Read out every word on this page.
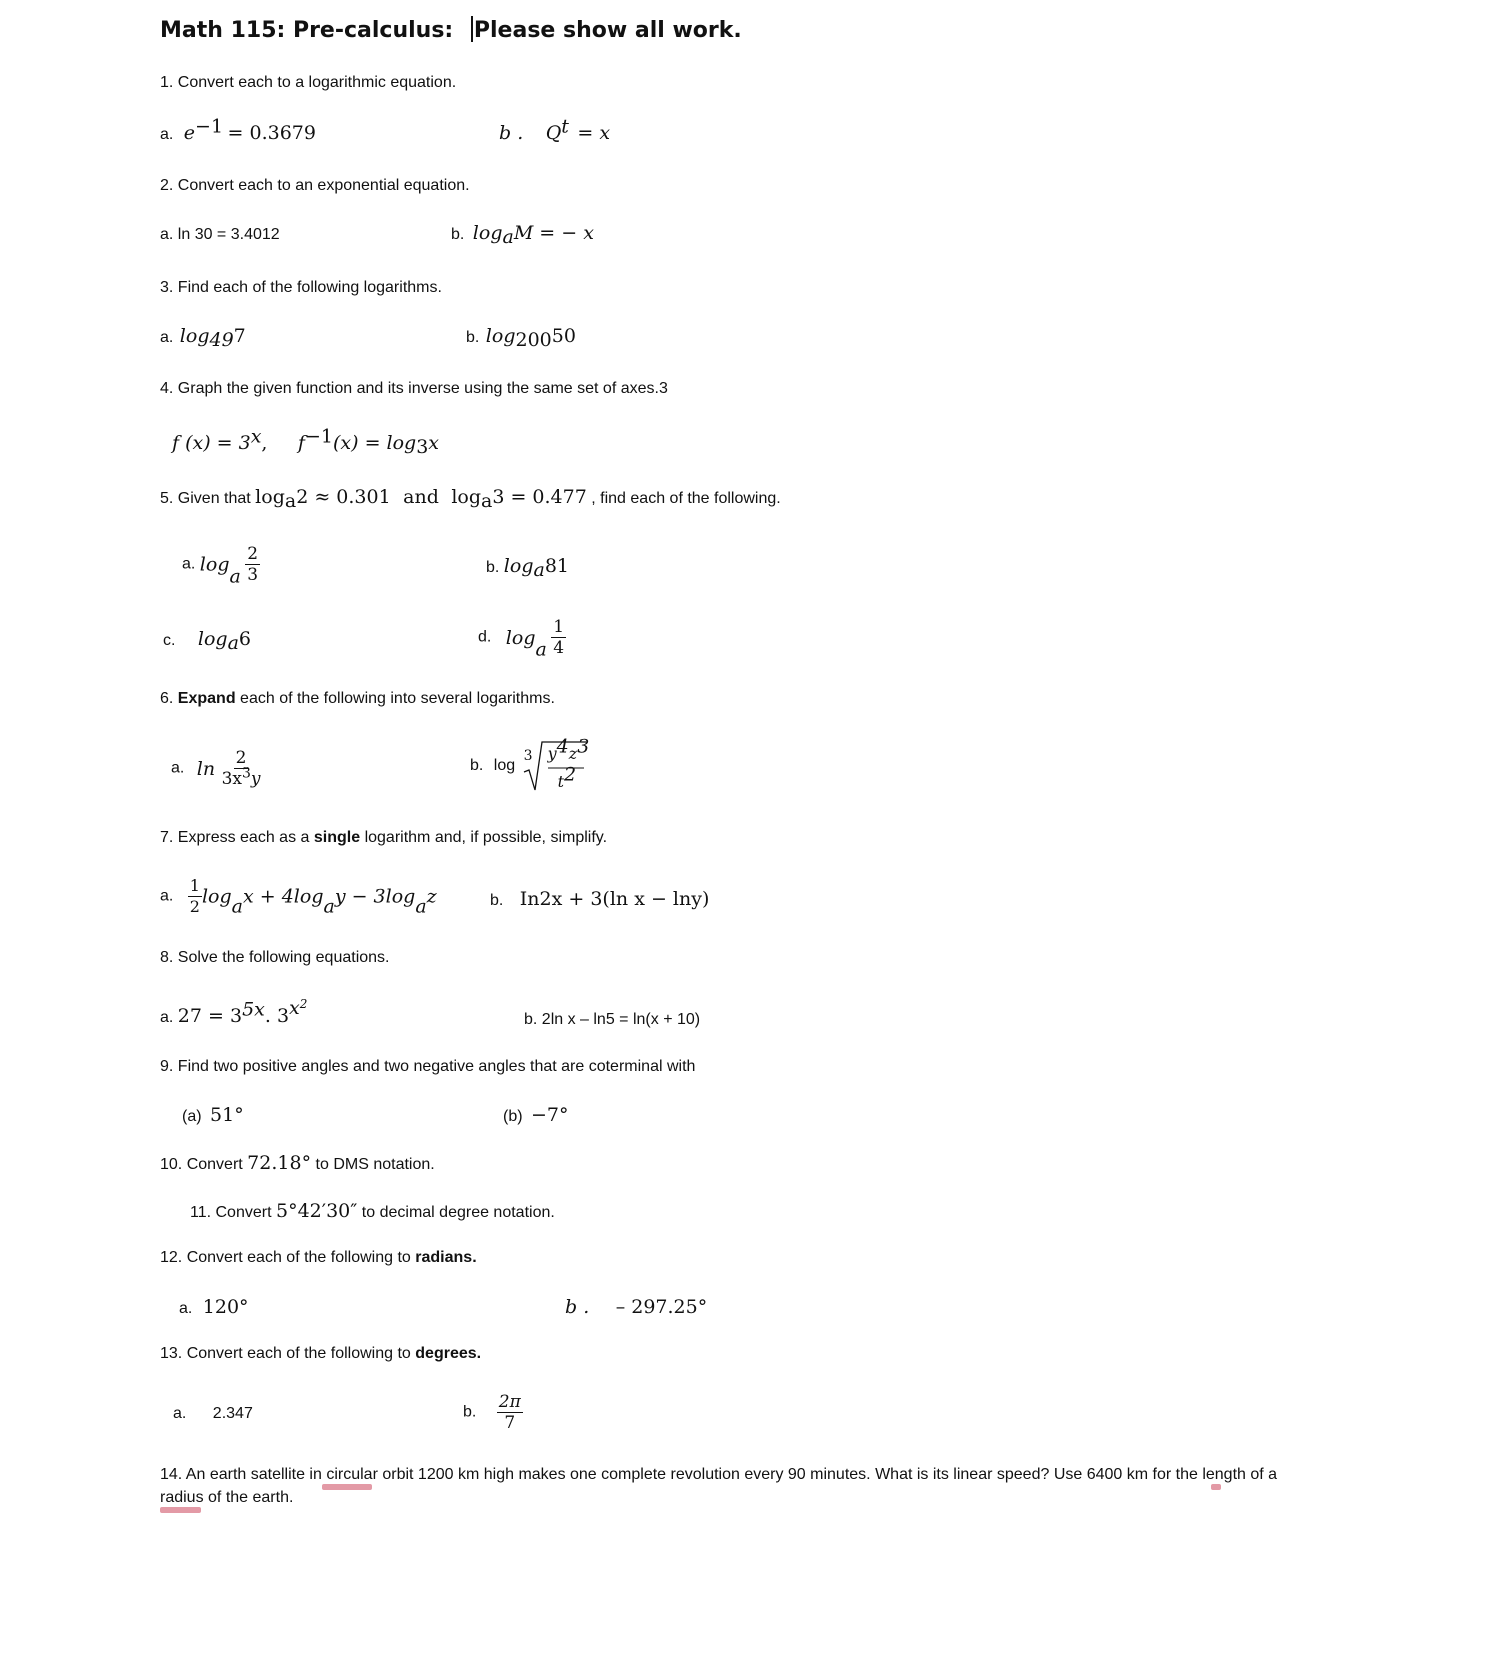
Math 115: Pre-calculus: Please show all work.
1. Convert each to a logarithmic equation.
a. $e^{-1} = 0.3679$	b . $Q^t = x$
2. Convert each to an exponential equation.
a. ln 30 = 3.4012	b. $\log_aM$ = − x
3. Find each of the following logarithms.
a. $\log_{49}7$	b. $\log_{200}50$
4. Graph the given function and its inverse using the same set of axes.3
f $(x) = 3^x$, $f^{-1}(x) = \log_3x$
5. Given that $\log_a2 \approx 0.301$ and $\log_a3 = 0.477$ , find each of the following.
a. $\log_a \frac{2}{3}$	b. $\log_a81$
c. $\log_a6$	d. $\log_a \frac{1}{4}$
6. Expand each of the following into several logarithms.
a. $\ln \frac{2}{3x^3y}$	b. log
3 $y^4z^3$
$t^2$
7. Express each as a single logarithm and, if possible, simplify.
a. $\frac{1}{2} \log_ax + 4\log_ay - 3\log_az$	b. In2x + 3(ln x − lny)
8. Solve the following equations.
a. $27 = 3^{5x}$. $3^{x^2}$
b. 2ln x – ln5 = ln(x + 10)
9. Find two positive angles and two negative angles that are coterminal with
(a) 51°	(b) −7°
10. Convert 72.18° to DMS notation.
11. Convert 5°42′30″ to decimal degree notation.
12. Convert each of the following to radians.
a. 120°	b . – 297.25°
13. Convert each of the following to degrees.
a. 2.347	b. $\frac{2\pi}{7}$
14. An earth satellite in circular orbit 1200 km high makes one complete revolution every 90 minutes. What is its linear speed? Use 6400 km for the length of a
radius of the earth.
